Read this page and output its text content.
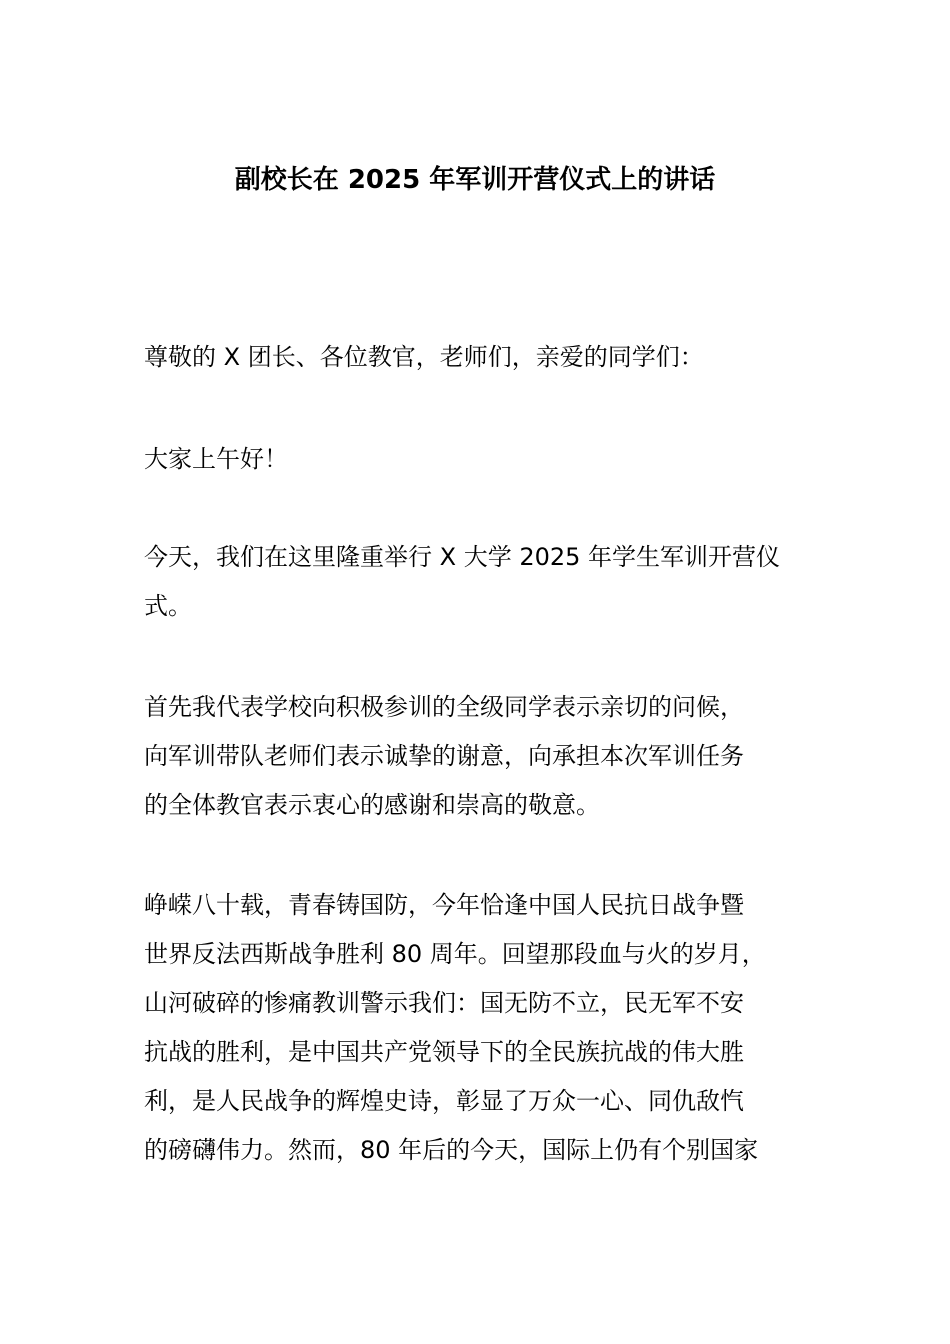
副校长在 2025 年军训开营仪式上的讲话

尊敬的 X 团长、各位教官，老师们，亲爱的同学们：

大家上午好！

今天，我们在这里隆重举行 X 大学 2025 年学生军训开营仪
式。

首先我代表学校向积极参训的全级同学表示亲切的问候，
向军训带队老师们表示诚挚的谢意，向承担本次军训任务
的全体教官表示衷心的感谢和崇高的敬意。

峥嵘八十载，青春铸国防，今年恰逢中国人民抗日战争暨
世界反法西斯战争胜利 80 周年。回望那段血与火的岁月，
山河破碎的惨痛教训警示我们：国无防不立，民无军不安
抗战的胜利，是中国共产党领导下的全民族抗战的伟大胜
利，是人民战争的辉煌史诗，彰显了万众一心、同仇敌忾
的磅礴伟力。然而，80 年后的今天，国际上仍有个别国家
